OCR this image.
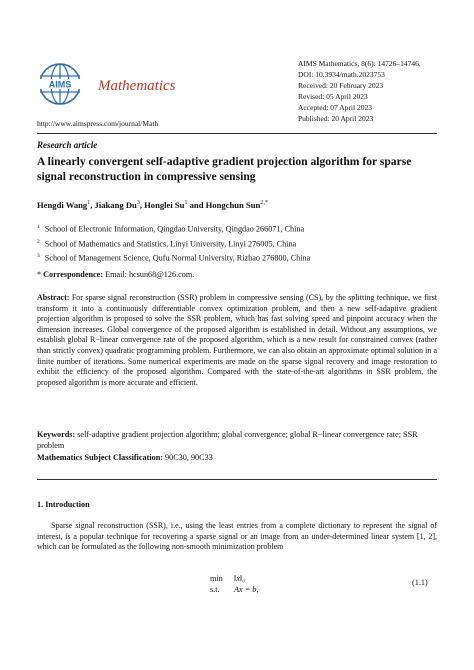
AIMS Mathematics
http://www.aimspress.com/journal/Math
AIMS Mathematics, 8(6): 14726–14746.
DOI: 10.3934/math.2023753
Received: 20 February 2023
Revised: 05 April 2023
Accepted: 07 April 2023
Published: 20 April 2023
Research article
A linearly convergent self-adaptive gradient projection algorithm for sparse signal reconstruction in compressive sensing
Hengdi Wang$^1$, Jiakang Du$^3$, Honglei Su$^1$ and Hongchun Sun$^{2,*}$
$^1$ School of Electronic Information, Qingdao University, Qingdao 266071, China
$^2$ School of Mathematics and Statistics, Linyi University, Linyi 276005, China
$^3$ School of Management Science, Qufu Normal University, Rizhao 276800, China
* Correspondence: Email: hcsun68@126.com.
Abstract: For sparse signal reconstruction (SSR) problem in compressive sensing (CS), by the splitting technique, we first transform it into a continuously differentiable convex optimization problem, and then a new self-adaptive gradient projection algorithm is proposed to solve the SSR problem, which has fast solving speed and pinpoint accuracy when the dimension increases. Global convergence of the proposed algorithm is established in detail. Without any assumptions, we establish global R−linear convergence rate of the proposed algorithm, which is a new result for constrained convex (rather than strictly convex) quadratic programming problem. Furthermore, we can also obtain an approximate optimal solution in a finite number of iterations. Some numerical experiments are made on the sparse signal recovery and image restoration to exhibit the efficiency of the proposed algorithm. Compared with the state-of-the-art algorithms in SSR problem, the proposed algorithm is more accurate and efficient.
Keywords: self-adaptive gradient projection algorithm; global convergence; global R−linear convergence rate; SSR problem
Mathematics Subject Classification: 90C30, 90C33
1. Introduction
Sparse signal reconstruction (SSR), i.e., using the least entries from a complete dictionary to represent the signal of interest, is a popular technique for recovering a sparse signal or an image from an under-determined linear system [1, 2], which can be formulated as the following non-smooth minimization problem
min ‖x‖₀
s.t. Ax = b,
(1.1)
